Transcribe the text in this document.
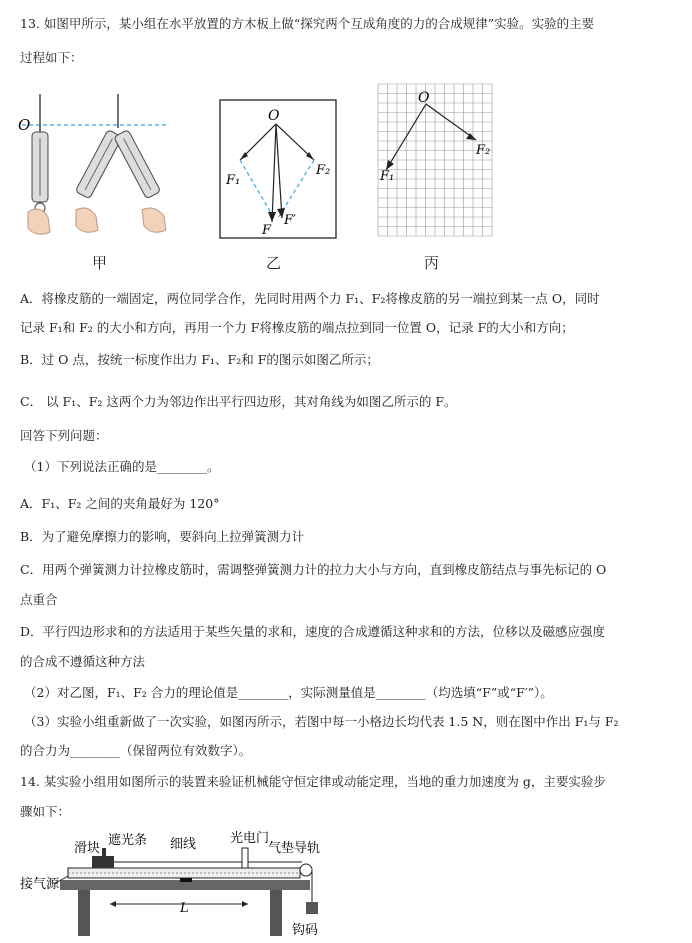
13. 如图甲所示，某小组在水平放置的方木板上做“探究两个互成角度的力的合成规律”实验。实验的主要
过程如下：
O	O
F₁
F₂
F
F′
O
F₁
F₂
甲	乙	丙
A．将橡皮筋的一端固定，两位同学合作，先同时用两个力 F₁、F₂将橡皮筋的另一端拉到某一点 O，同时
记录 F₁和 F₂ 的大小和方向，再用一个力 F将橡皮筋的端点拉到同一位置 O，记录 F的大小和方向；
B．过 O 点，按统一标度作出力 F₁、F₂和 F的图示如图乙所示；
C． 以 F₁、F₂ 这两个力为邻边作出平行四边形，其对角线为如图乙所示的 F。
回答下列问题：
（1）下列说法正确的是________。
A．F₁、F₂ 之间的夹角最好为 120°
B．为了避免摩擦力的影响，要斜向上拉弹簧测力计
C．用两个弹簧测力计拉橡皮筋时，需调整弹簧测力计的拉力大小与方向，直到橡皮筋结点与事先标记的 O
点重合
D．平行四边形求和的方法适用于某些矢量的求和，速度的合成遵循这种求和的方法，位移以及磁感应强度
的合成不遵循这种方法
（2）对乙图，F₁、F₂ 合力的理论值是________，实际测量值是________（均选填“F”或“F′”）。
（3）实验小组重新做了一次实验，如图丙所示，若图中每一小格边长均代表 1.5 N，则在图中作出 F₁与 F₂
的合力为________（保留两位有效数字）。
14. 某实验小组用如图所示的装置来验证机械能守恒定律或动能定理，当地的重力加速度为 g，主要实验步
骤如下：
滑块
遮光条 细线	光电门
气垫导轨
接气源
L
钩码
